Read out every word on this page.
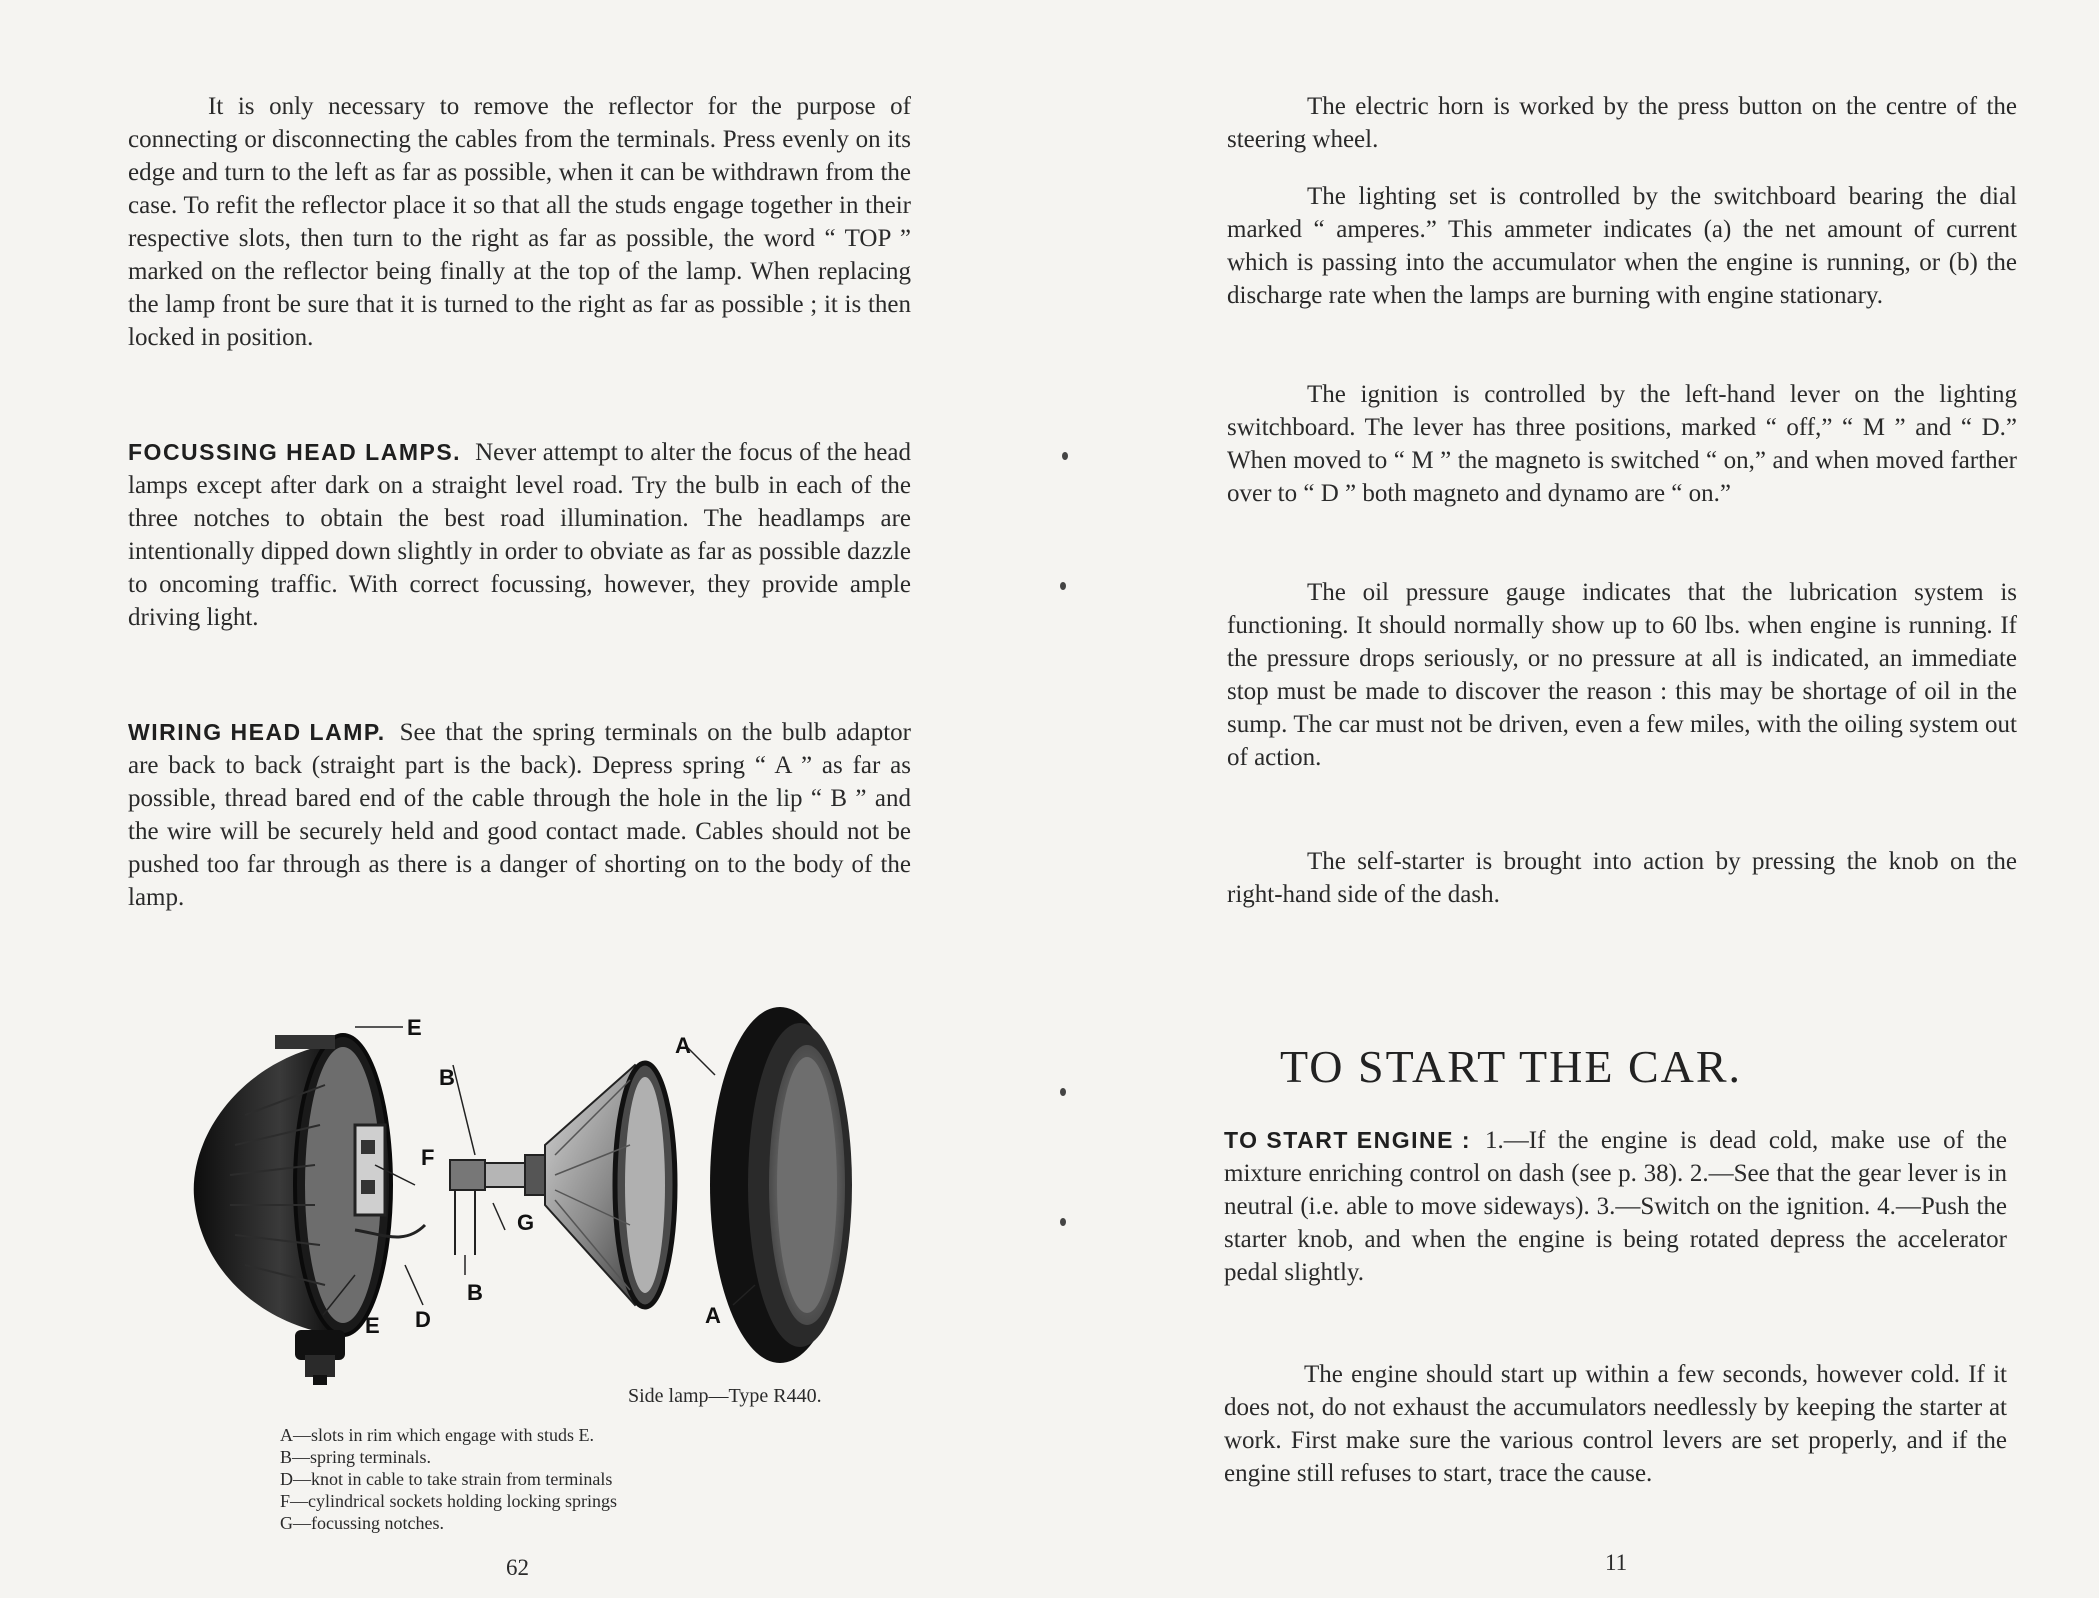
It is only necessary to remove the reflector for the purpose of connecting or disconnecting the cables from the terminals. Press evenly on its edge and turn to the left as far as possible, when it can be withdrawn from the case. To refit the reflector place it so that all the studs engage together in their respective slots, then turn to the right as far as possible, the word “ TOP ” marked on the reflector being finally at the top of the lamp. When replacing the lamp front be sure that it is turned to the right as far as possible ; it is then locked in position.

FOCUSSING HEAD LAMPS. Never attempt to alter the focus of the head lamps except after dark on a straight level road. Try the bulb in each of the three notches to obtain the best road illumination. The headlamps are intentionally dipped down slightly in order to obviate as far as possible dazzle to oncoming traffic. With correct focussing, however, they provide ample driving light.
WIRING HEAD LAMP. See that the spring terminals on the bulb adaptor are back to back (straight part is the back). Depress spring “ A ” as far as possible, thread bared end of the cable through the hole in the lip “ B ” and the wire will be securely held and good contact made. Cables should not be pushed too far through as there is a danger of shorting on to the body of the lamp.
E
B
F
G
B
E D
A
A

Side lamp—Type R440.

A—slots in rim which engage with studs E.
B—spring terminals.
D—knot in cable to take strain from terminals
F—cylindrical sockets holding locking springs
G—focussing notches.

62

The electric horn is worked by the press button on the centre of the steering wheel.

The lighting set is controlled by the switchboard bearing the dial marked “ amperes.” This ammeter indicates (a) the net amount of current which is passing into the accumulator when the engine is running, or (b) the discharge rate when the lamps are burning with engine stationary.

The ignition is controlled by the left-hand lever on the lighting switchboard. The lever has three positions, marked “ off,” “ M ” and “ D.” When moved to “ M ” the magneto is switched “ on,” and when moved farther over to “ D ” both magneto and dynamo are “ on.”

The oil pressure gauge indicates that the lubrication system is functioning. It should normally show up to 60 lbs. when engine is running. If the pressure drops seriously, or no pressure at all is indicated, an immediate stop must be made to discover the reason : this may be shortage of oil in the sump. The car must not be driven, even a few miles, with the oiling system out of action.

The self-starter is brought into action by pressing the knob on the right-hand side of the dash.

TO START THE CAR.
TO START ENGINE : 1.—If the engine is dead cold, make use of the mixture enriching control on dash (see p. 38). 2.—See that the gear lever is in neutral (i.e. able to move sideways). 3.—Switch on the ignition. 4.—Push the starter knob, and when the engine is being rotated depress the accelerator pedal slightly.

The engine should start up within a few seconds, however cold. If it does not, do not exhaust the accumulators needlessly by keeping the starter at work. First make sure the various control levers are set properly, and if the engine still refuses to start, trace the cause.

11
